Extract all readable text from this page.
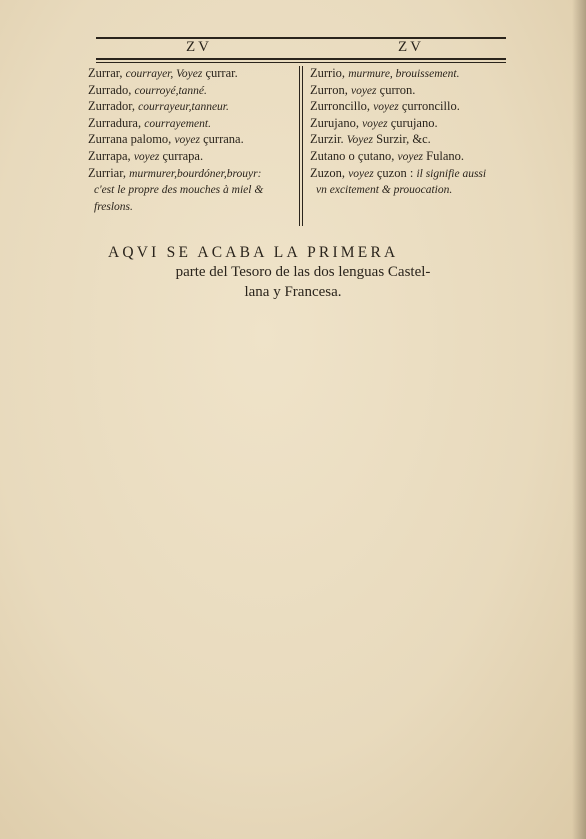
ZV	ZV
Zurrar, courrayer, Voyez çurrar.
Zurrado, courroyé,tanné.
Zurrador, courrayeur,tanneur.
Zurradura, courrayement.
Zurrana palomo, voyez çurrana.
Zurrapa, voyez çurrapa.
Zurriar, murmurer,bourdóner,brouyr:
c'est le propre des mouches à miel &
freslons.
Zurrio, murmure, brouissement.
Zurron, voyez çurron.
Zurroncillo, voyez çurroncillo.
Zurujano, voyez çurujano.
Zurzir. Voyez Surzir, &c.
Zutano o çutano, voyez Fulano.
Zuzon, voyez çuzon : il signifie aussi
vn excitement & prouocation.
AQVI SE ACABA LA PRIMERA
parte del Tesoro de las dos lenguas Castel-
lana y Francesa.
